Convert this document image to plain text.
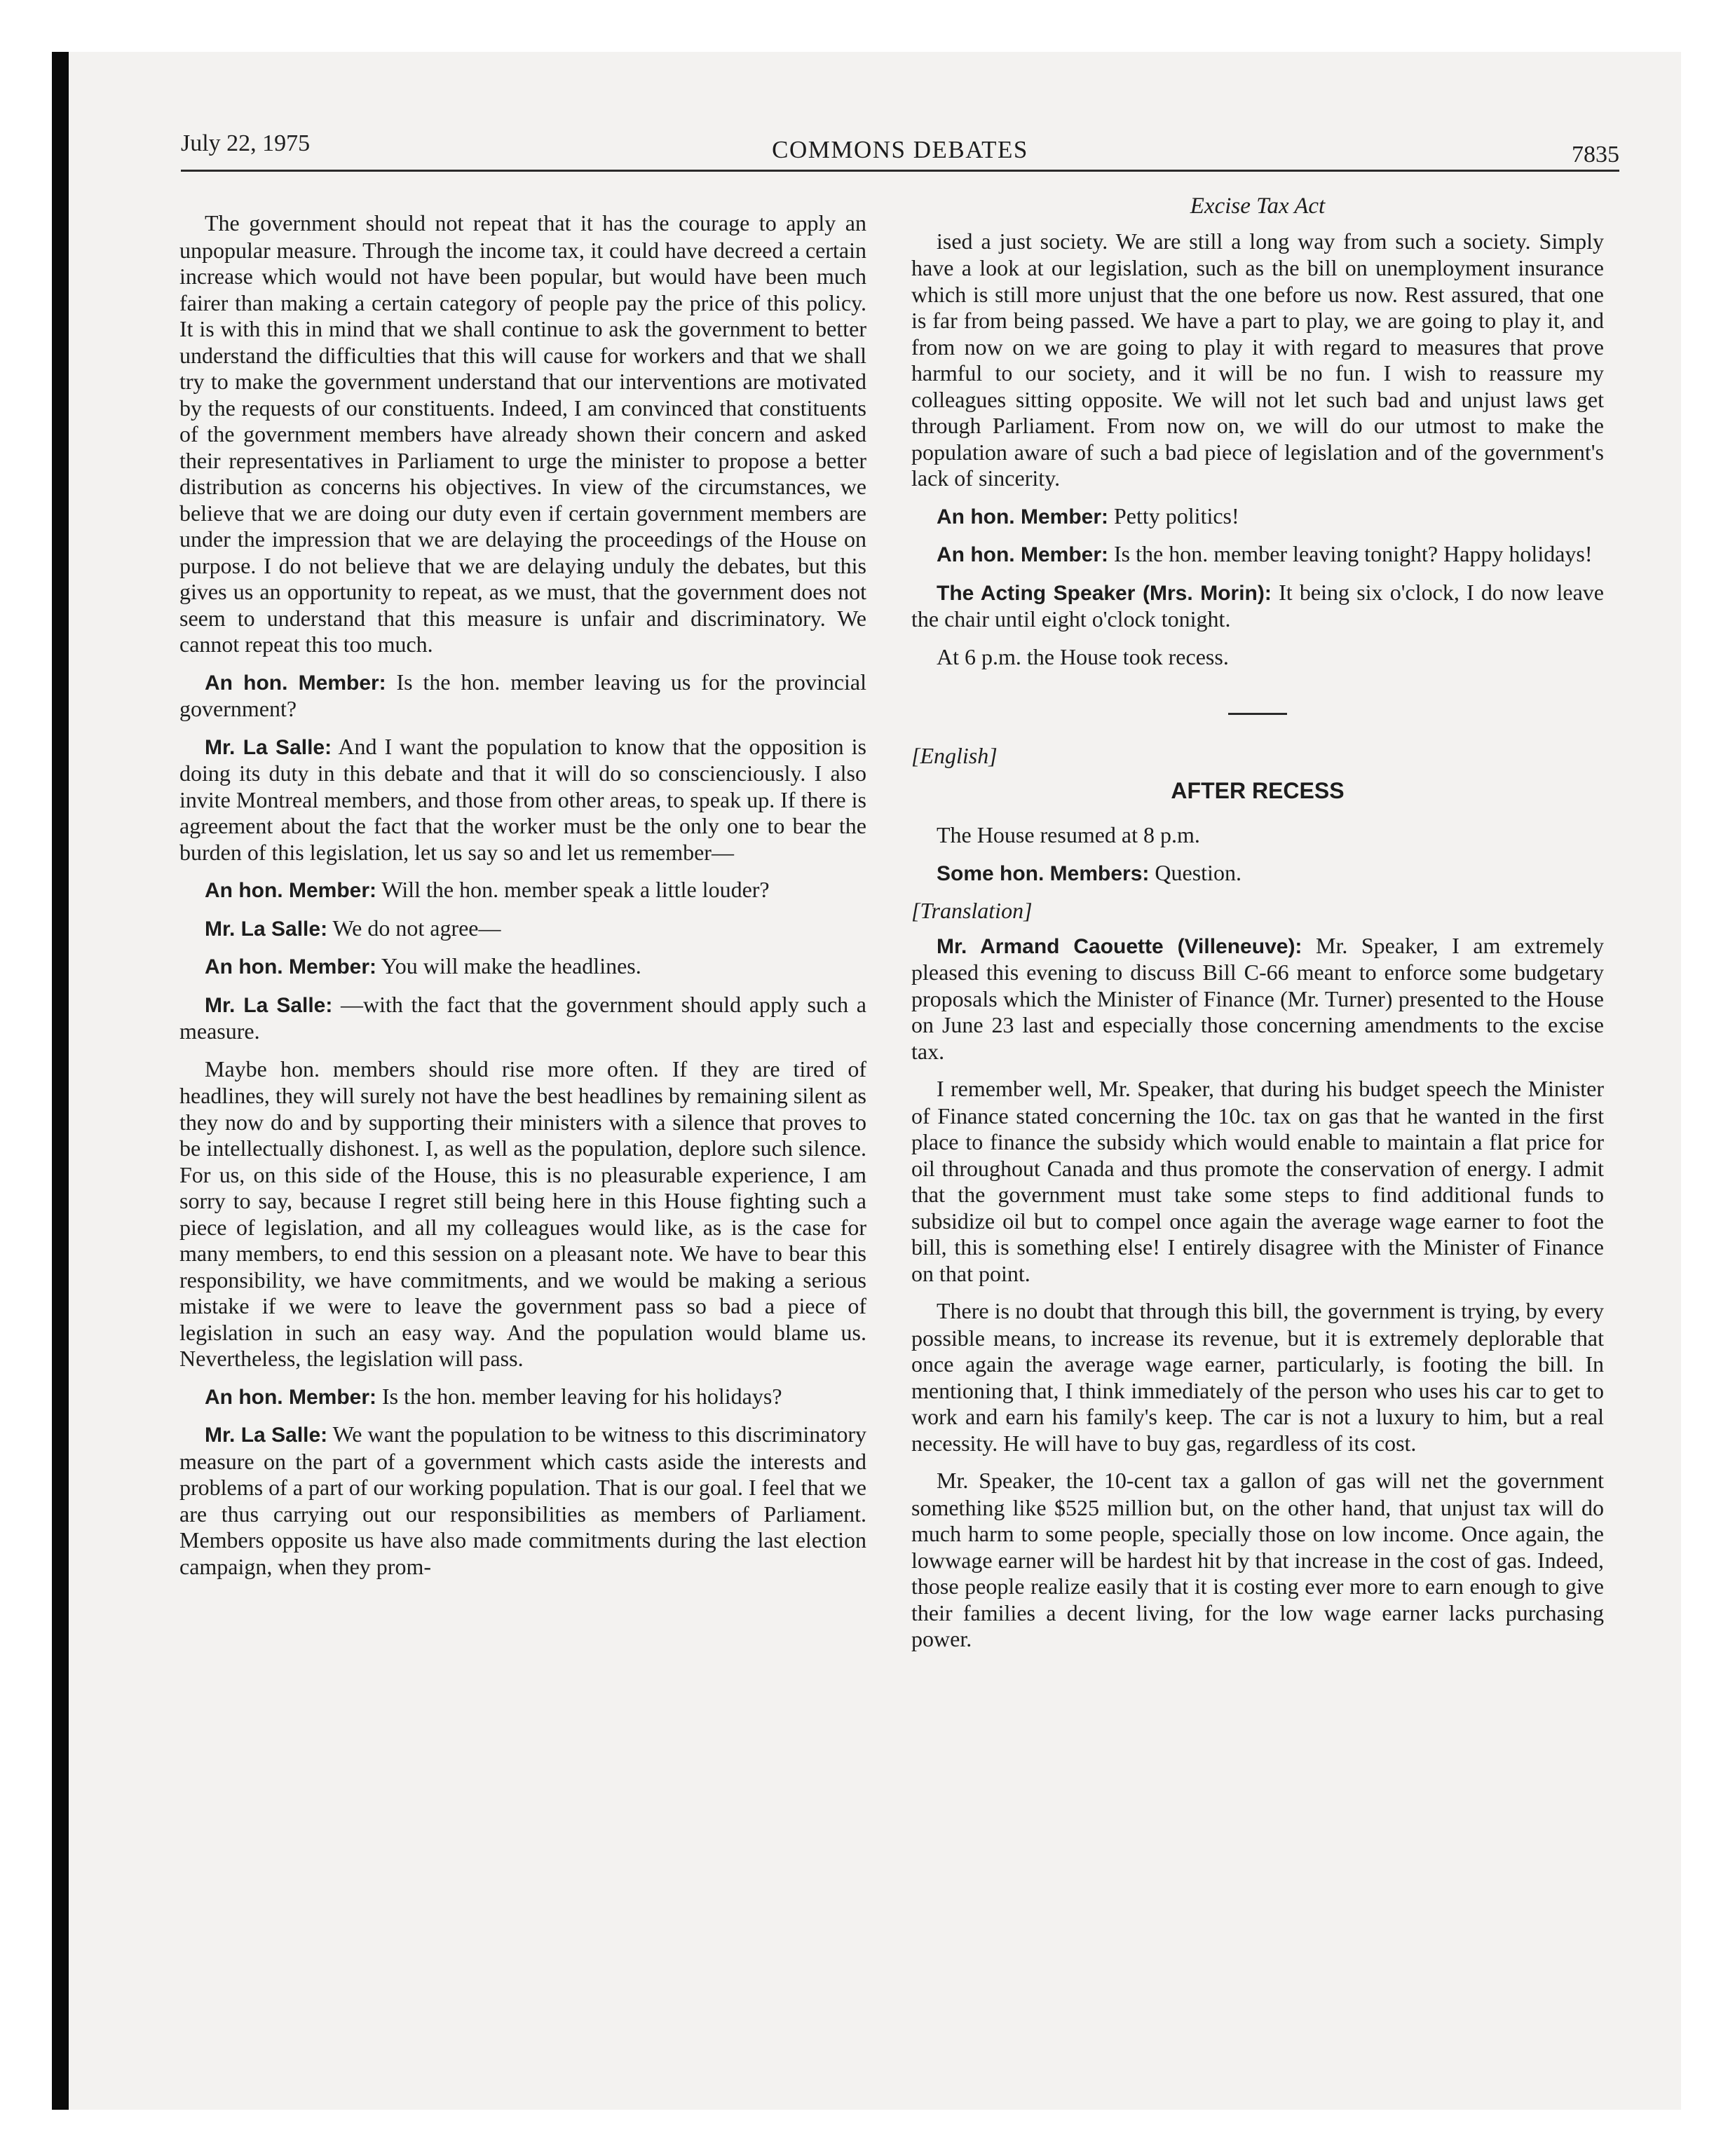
July 22, 1975	COMMONS DEBATES	7835

The government should not repeat that it has the courage to apply an unpopular measure. Through the income tax, it could have decreed a certain increase which would not have been popular, but would have been much fairer than making a certain category of people pay the price of this policy. It is with this in mind that we shall continue to ask the government to better understand the difficulties that this will cause for workers and that we shall try to make the government understand that our interventions are motivated by the requests of our constituents. Indeed, I am convinced that constituents of the government members have already shown their concern and asked their representatives in Parliament to urge the minister to propose a better distribution as concerns his objectives. In view of the circumstances, we believe that we are doing our duty even if certain government members are under the impression that we are delaying the proceedings of the House on purpose. I do not believe that we are delaying unduly the debates, but this gives us an opportunity to repeat, as we must, that the government does not seem to understand that this measure is unfair and discriminatory. We cannot repeat this too much.

An hon. Member: Is the hon. member leaving us for the provincial government?

Mr. La Salle: And I want the population to know that the opposition is doing its duty in this debate and that it will do so conscienciously. I also invite Montreal members, and those from other areas, to speak up. If there is agreement about the fact that the worker must be the only one to bear the burden of this legislation, let us say so and let us remember—

An hon. Member: Will the hon. member speak a little louder?

Mr. La Salle: We do not agree—

An hon. Member: You will make the headlines.

Mr. La Salle: —with the fact that the government should apply such a measure.

Maybe hon. members should rise more often. If they are tired of headlines, they will surely not have the best headlines by remaining silent as they now do and by supporting their ministers with a silence that proves to be intellectually dishonest. I, as well as the population, deplore such silence. For us, on this side of the House, this is no pleasurable experience, I am sorry to say, because I regret still being here in this House fighting such a piece of legislation, and all my colleagues would like, as is the case for many members, to end this session on a pleasant note. We have to bear this responsibility, we have commitments, and we would be making a serious mistake if we were to leave the government pass so bad a piece of legislation in such an easy way. And the population would blame us. Nevertheless, the legislation will pass.

An hon. Member: Is the hon. member leaving for his holidays?

Mr. La Salle: We want the population to be witness to this discriminatory measure on the part of a government which casts aside the interests and problems of a part of our working population. That is our goal. I feel that we are thus carrying out our responsibilities as members of Parliament. Members opposite us have also made commitments during the last election campaign, when they prom-

Excise Tax Act

ised a just society. We are still a long way from such a society. Simply have a look at our legislation, such as the bill on unemployment insurance which is still more unjust that the one before us now. Rest assured, that one is far from being passed. We have a part to play, we are going to play it, and from now on we are going to play it with regard to measures that prove harmful to our society, and it will be no fun. I wish to reassure my colleagues sitting opposite. We will not let such bad and unjust laws get through Parliament. From now on, we will do our utmost to make the population aware of such a bad piece of legislation and of the government's lack of sincerity.

An hon. Member: Petty politics!

An hon. Member: Is the hon. member leaving tonight? Happy holidays!

The Acting Speaker (Mrs. Morin): It being six o'clock, I do now leave the chair until eight o'clock tonight.

At 6 p.m. the House took recess.

[English]
AFTER RECESS

The House resumed at 8 p.m.

Some hon. Members: Question.

[Translation]

Mr. Armand Caouette (Villeneuve): Mr. Speaker, I am extremely pleased this evening to discuss Bill C-66 meant to enforce some budgetary proposals which the Minister of Finance (Mr. Turner) presented to the House on June 23 last and especially those concerning amendments to the excise tax.

I remember well, Mr. Speaker, that during his budget speech the Minister of Finance stated concerning the 10c. tax on gas that he wanted in the first place to finance the subsidy which would enable to maintain a flat price for oil throughout Canada and thus promote the conservation of energy. I admit that the government must take some steps to find additional funds to subsidize oil but to compel once again the average wage earner to foot the bill, this is something else! I entirely disagree with the Minister of Finance on that point.

There is no doubt that through this bill, the government is trying, by every possible means, to increase its revenue, but it is extremely deplorable that once again the average wage earner, particularly, is footing the bill. In mentioning that, I think immediately of the person who uses his car to get to work and earn his family's keep. The car is not a luxury to him, but a real necessity. He will have to buy gas, regardless of its cost.

Mr. Speaker, the 10-cent tax a gallon of gas will net the government something like $525 million but, on the other hand, that unjust tax will do much harm to some people, specially those on low income. Once again, the lowwage earner will be hardest hit by that increase in the cost of gas. Indeed, those people realize easily that it is costing ever more to earn enough to give their families a decent living, for the low wage earner lacks purchasing power.
